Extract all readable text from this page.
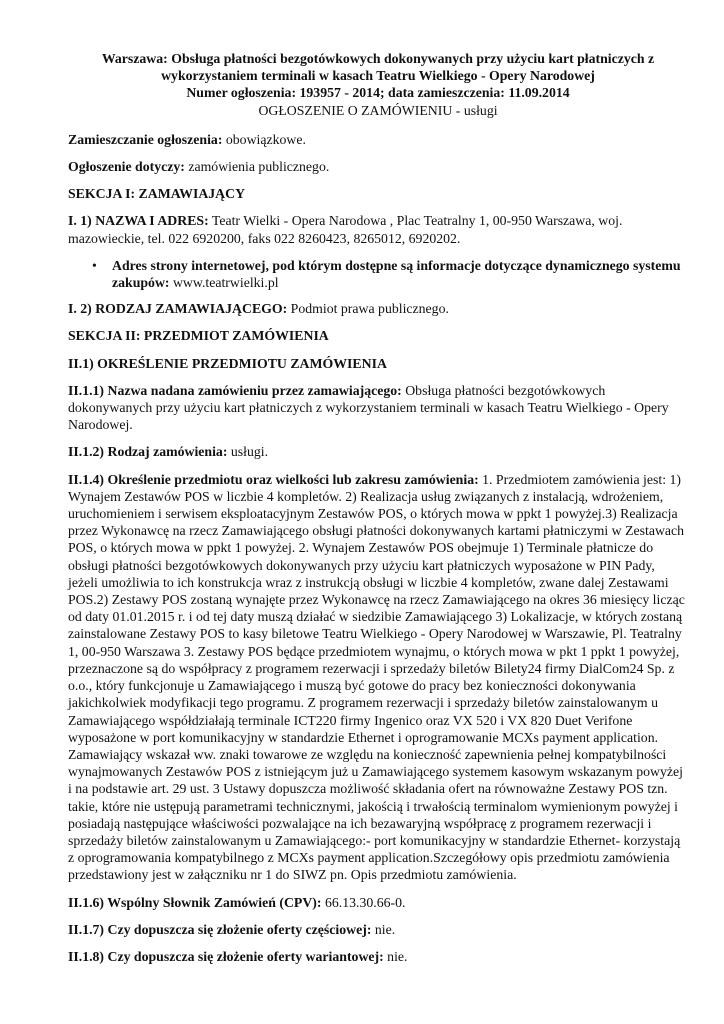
Warszawa: Obsługa płatności bezgotówkowych dokonywanych przy użyciu kart płatniczych z wykorzystaniem terminali w kasach Teatru Wielkiego - Opery Narodowej
Numer ogłoszenia: 193957 - 2014; data zamieszczenia: 11.09.2014
OGŁOSZENIE O ZAMÓWIENIU - usługi

Zamieszczanie ogłoszenia: obowiązkowe.

Ogłoszenie dotyczy: zamówienia publicznego.

SEKCJA I: ZAMAWIAJĄCY

I. 1) NAZWA I ADRES: Teatr Wielki - Opera Narodowa , Plac Teatralny 1, 00-950 Warszawa, woj. mazowieckie, tel. 022 6920200, faks 022 8260423, 8265012, 6920202.

• Adres strony internetowej, pod którym dostępne są informacje dotyczące dynamicznego systemu zakupów: www.teatrwielki.pl

I. 2) RODZAJ ZAMAWIAJĄCEGO: Podmiot prawa publicznego.

SEKCJA II: PRZEDMIOT ZAMÓWIENIA

II.1) OKREŚLENIE PRZEDMIOTU ZAMÓWIENIA

II.1.1) Nazwa nadana zamówieniu przez zamawiającego: Obsługa płatności bezgotówkowych dokonywanych przy użyciu kart płatniczych z wykorzystaniem terminali w kasach Teatru Wielkiego - Opery Narodowej.

II.1.2) Rodzaj zamówienia: usługi.

II.1.4) Określenie przedmiotu oraz wielkości lub zakresu zamówienia: 1. Przedmiotem zamówienia jest: 1) Wynajem Zestawów POS w liczbie 4 kompletów. 2) Realizacja usług związanych z instalacją, wdrożeniem, uruchomieniem i serwisem eksploatacyjnym Zestawów POS, o których mowa w ppkt 1 powyżej.3) Realizacja przez Wykonawcę na rzecz Zamawiającego obsługi płatności dokonywanych kartami płatniczymi w Zestawach POS, o których mowa w ppkt 1 powyżej. 2. Wynajem Zestawów POS obejmuje 1) Terminale płatnicze do obsługi płatności bezgotówkowych dokonywanych przy użyciu kart płatniczych wyposażone w PIN Pady, jeżeli umożliwia to ich konstrukcja wraz z instrukcją obsługi w liczbie 4 kompletów, zwane dalej Zestawami POS.2) Zestawy POS zostaną wynajęte przez Wykonawcę na rzecz Zamawiającego na okres 36 miesięcy licząc od daty 01.01.2015 r. i od tej daty muszą działać w siedzibie Zamawiającego 3) Lokalizacje, w których zostaną zainstalowane Zestawy POS to kasy biletowe Teatru Wielkiego - Opery Narodowej w Warszawie, Pl. Teatralny 1, 00-950 Warszawa 3. Zestawy POS będące przedmiotem wynajmu, o których mowa w pkt 1 ppkt 1 powyżej, przeznaczone są do współpracy z programem rezerwacji i sprzedaży biletów Bilety24 firmy DialCom24 Sp. z o.o., który funkcjonuje u Zamawiającego i muszą być gotowe do pracy bez konieczności dokonywania jakichkolwiek modyfikacji tego programu. Z programem rezerwacji i sprzedaży biletów zainstalowanym u Zamawiającego współdziałają terminale ICT220 firmy Ingenico oraz VX 520 i VX 820 Duet Verifone wyposażone w port komunikacyjny w standardzie Ethernet i oprogramowanie MCXs payment application. Zamawiający wskazał ww. znaki towarowe ze względu na konieczność zapewnienia pełnej kompatybilności wynajmowanych Zestawów POS z istniejącym już u Zamawiającego systemem kasowym wskazanym powyżej i na podstawie art. 29 ust. 3 Ustawy dopuszcza możliwość składania ofert na równoważne Zestawy POS tzn. takie, które nie ustępują parametrami technicznymi, jakością i trwałością terminalom wymienionym powyżej i posiadają następujące właściwości pozwalające na ich bezawaryjną współpracę z programem rezerwacji i sprzedaży biletów zainstalowanym u Zamawiającego:- port komunikacyjny w standardzie Ethernet- korzystają z oprogramowania kompatybilnego z MCXs payment application.Szczegółowy opis przedmiotu zamówienia przedstawiony jest w załączniku nr 1 do SIWZ pn. Opis przedmiotu zamówienia.

II.1.6) Wspólny Słownik Zamówień (CPV): 66.13.30.66-0.

II.1.7) Czy dopuszcza się złożenie oferty częściowej: nie.

II.1.8) Czy dopuszcza się złożenie oferty wariantowej: nie.
